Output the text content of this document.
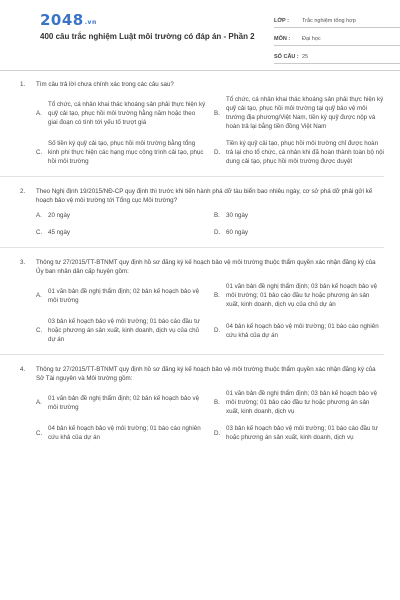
2048.vn
400 câu trắc nghiệm Luật môi trường có đáp án - Phần 2
LỚP :	Trắc nghiệm tổng hợp
MÔN :	Đại học
SỐ CÂU : 25
1.	Tìm câu trả lời chưa chính xác trong các câu sau?
A.
Tổ chức, cá nhân khai thác khoáng sản phải thực hiện ký quỹ cải tạo, phục hồi môi trường hằng năm hoặc theo giai đoạn có tính tới yếu tố trượt giá
B.
Tổ chức, cá nhân khai thác khoáng sản phải thực hiện ký quỹ cải tạo, phục hồi môi trường tại quỹ bảo vệ môi trường địa phương/Việt Nam, tiền ký quỹ được nộp và hoàn trả lại bằng tiền đồng Việt Nam
C.
Số tiền ký quỹ cải tạo, phục hồi môi trường bằng tổng kinh phí thực hiện các hạng mục công trình cải tạo, phục hồi môi trường
D.
Tiền ký quỹ cải tạo, phục hồi môi trường chỉ được hoàn trả lại cho tổ chức, cá nhân khi đã hoàn thành toàn bộ nội dung cải tạo, phục hồi môi trường được duyệt
2.	Theo Nghị định 19/2015/NĐ-CP quy định thì trước khi tiến hành phá dỡ tàu biển bao nhiêu ngày, cơ sở phá dỡ phải gửi kế hoạch bảo vệ môi trường tới Tổng cục Môi trường?
A. 20 ngày	B. 30 ngày
C. 45 ngày	D. 60 ngày
3.	Thông tư 27/2015/TT-BTNMT quy định hồ sơ đăng ký kế hoạch bảo vệ môi trường thuộc thẩm quyền xác nhận đăng ký của Ủy ban nhân dân cấp huyện gồm:
A.
01 văn bản đề nghị thẩm định; 02 bản kế hoạch bảo vệ môi trường
B.
01 văn bản đề nghị thẩm định; 03 bản kế hoạch bảo vệ môi trường; 01 bảo cáo đầu tư hoặc phương án sản xuất, kinh doanh, dịch vụ của chủ dự án
C.
03 bản kế hoạch bảo vệ môi trường; 01 báo cáo đầu tư hoặc phương án sản xuất, kinh doanh, dịch vụ của chủ dự án
D.
04 bản kế hoạch bảo vệ môi trường; 01 báo cáo nghiên cứu khả của dự án
4.	Thông tư 27/2015/TT-BTNMT quy định hồ sơ đăng ký kế hoạch bảo vệ môi trường thuộc thẩm quyền xác nhận đăng ký của Sở Tài nguyên và Môi trường gồm:
A.
01 văn bản đề nghị thẩm định; 02 bản kế hoạch bảo vệ môi trường
B.
01 văn bản đề nghị thẩm định; 03 bản kế hoạch bảo vệ môi trường; 01 bảo cáo đầu tư hoặc phương án sản xuất, kinh doanh, dịch vụ
C.
04 bản kế hoạch bảo vệ môi trường; 01 báo cáo nghiên cứu khả của dự án
D.
03 bản kế hoạch bảo vệ môi trường; 01 báo cáo đầu tư hoặc phương án sản xuất, kinh doanh, dịch vụ
